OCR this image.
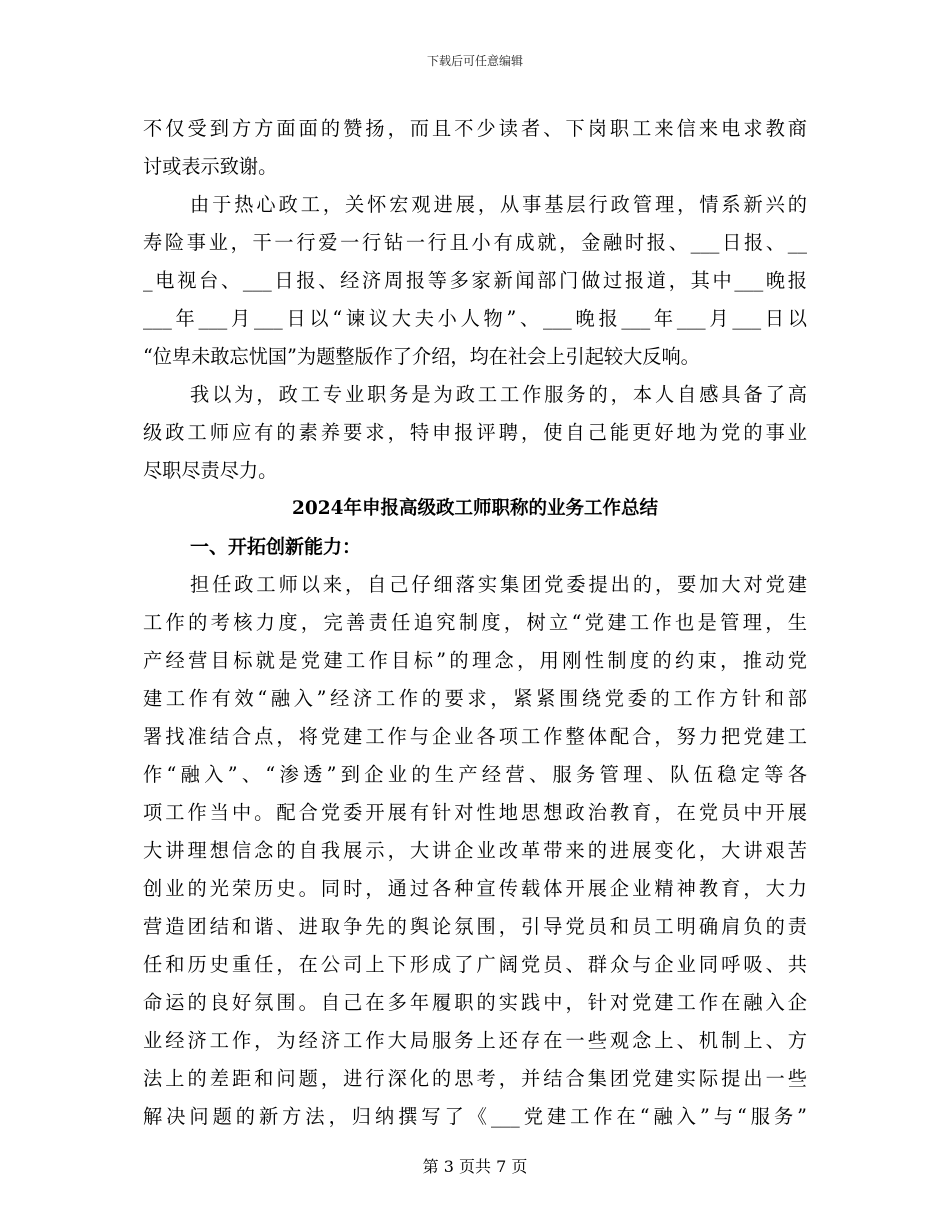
下载后可任意编辑
不仅受到方方面面的赞扬，而且不少读者、下岗职工来信来电求教商
讨或表示致谢。
由于热心政工，关怀宏观进展，从事基层行政管理，情系新兴的
寿险事业，干一行爱一行钻一行且小有成就，金融时报、___日报、__
_电视台、___日报、经济周报等多家新闻部门做过报道，其中___晚报
___年___月___日以“谏议大夫小人物”、___晚报___年___月___日以
“位卑未敢忘忧国”为题整版作了介绍，均在社会上引起较大反响。
我以为，政工专业职务是为政工工作服务的，本人自感具备了高
级政工师应有的素养要求，特申报评聘，使自己能更好地为党的事业
尽职尽责尽力。
2024年申报高级政工师职称的业务工作总结
一、开拓创新能力：
担任政工师以来，自己仔细落实集团党委提出的，要加大对党建
工作的考核力度，完善责任追究制度，树立“党建工作也是管理，生
产经营目标就是党建工作目标”的理念，用刚性制度的约束，推动党
建工作有效“融入”经济工作的要求，紧紧围绕党委的工作方针和部
署找准结合点，将党建工作与企业各项工作整体配合，努力把党建工
作“融入”、“渗透”到企业的生产经营、服务管理、队伍稳定等各
项工作当中。配合党委开展有针对性地思想政治教育，在党员中开展
大讲理想信念的自我展示，大讲企业改革带来的进展变化，大讲艰苦
创业的光荣历史。同时，通过各种宣传载体开展企业精神教育，大力
营造团结和谐、进取争先的舆论氛围，引导党员和员工明确肩负的责
任和历史重任，在公司上下形成了广阔党员、群众与企业同呼吸、共
命运的良好氛围。自己在多年履职的实践中，针对党建工作在融入企
业经济工作，为经济工作大局服务上还存在一些观念上、机制上、方
法上的差距和问题，进行深化的思考，并结合集团党建实际提出一些
解决问题的新方法，归纳撰写了《___党建工作在“融入”与“服务”
第 3 页共 7 页
